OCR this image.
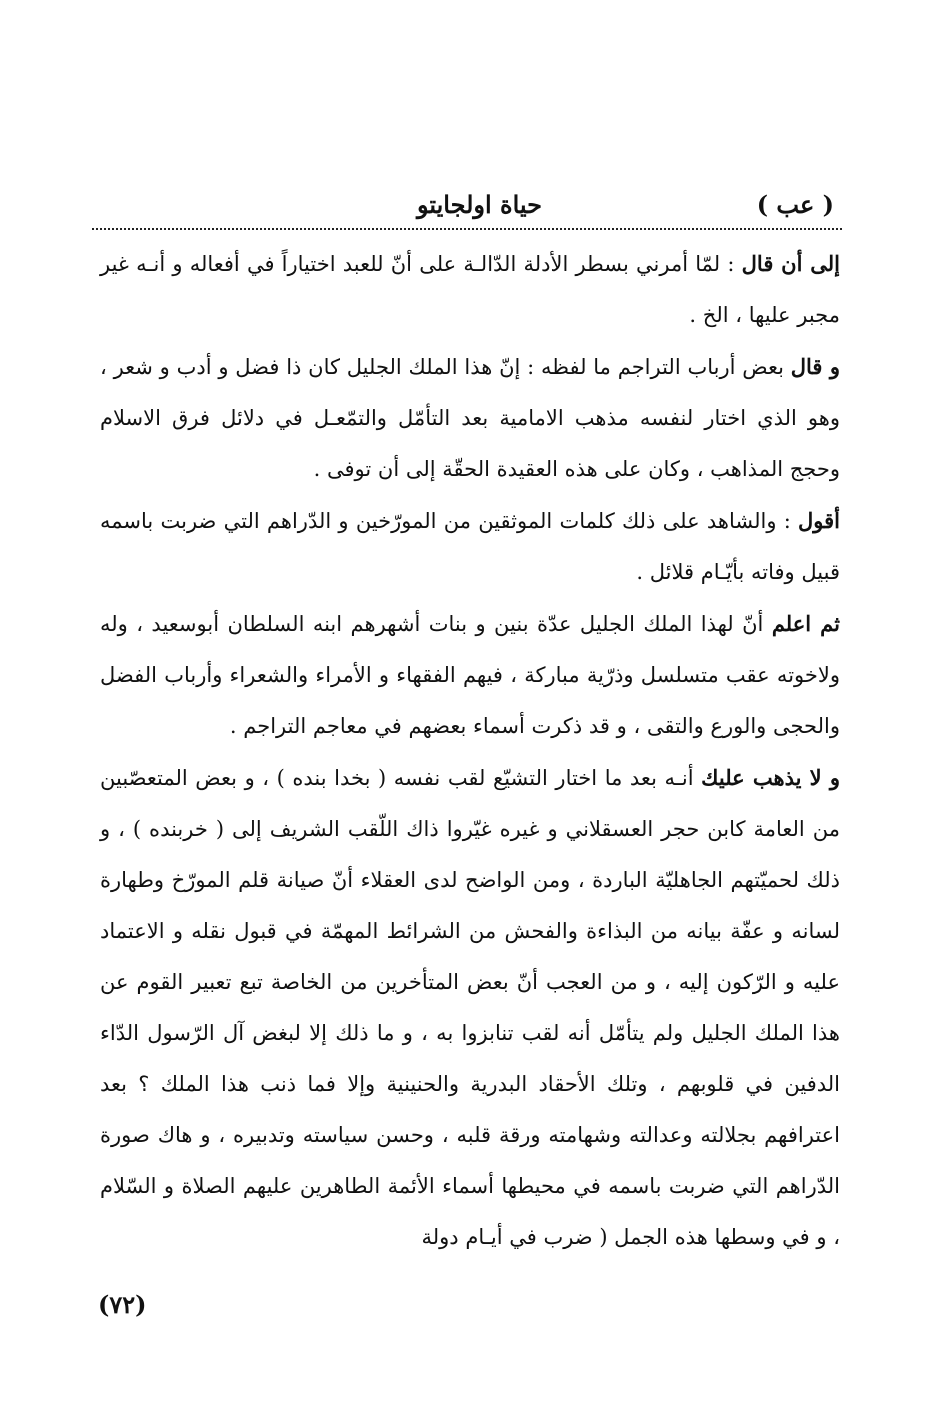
( عب )
حياة اولجايتو

إلى أن قال : لمّا أمرني بسطر الأدلة الدّالـة على أنّ للعبد اختياراً في أفعاله و أنـه غير مجبر عليها ، الخ .

و قال بعض أرباب التراجم ما لفظه : إنّ هذا الملك الجليل كان ذا فضل و أدب و شعر ، وهو الذي اختار لنفسه مذهب الامامية بعد التأمّل والتمّعـل في دلائل فرق الاسلام وحجج المذاهب ، وكان على هذه العقيدة الحقّة إلى أن توفى .

أقول : والشاهد على ذلك كلمات الموثقين من المورّخين و الدّراهم التي ضربت باسمه قبيل وفاته بأيّـام قلائل .

ثم اعلم أنّ لهذا الملك الجليل عدّة بنين و بنات أشهرهم ابنه السلطان أبوسعيد ، وله ولاخوته عقب متسلسل وذرّية مباركة ، فيهم الفقهاء و الأمراء والشعراء وأرباب الفضل والحجى والورع والتقى ، و قد ذكرت أسماء بعضهم في معاجم التراجم .

و لا يذهب عليك أنـه بعد ما اختار التشيّع لقب نفسه ( بخدا بنده ) ، و بعض المتعصّبين من العامة كابن حجر العسقلاني و غيره غيّروا ذاك اللّقب الشريف إلى ( خربنده ) ، و ذلك لحميّتهم الجاهليّة الباردة ، ومن الواضح لدى العقلاء أنّ صيانة قلم المورّخ وطهارة لسانه و عفّة بيانه من البذاءة والفحش من الشرائط المهمّة في قبول نقله و الاعتماد عليه و الرّكون إليه ، و من العجب أنّ بعض المتأخرين من الخاصة تبع تعبير القوم عن هذا الملك الجليل ولم يتأمّل أنه لقب تنابزوا به ، و ما ذلك إلا لبغض آل الرّسول الدّاء الدفين في قلوبهم ، وتلك الأحقاد البدرية والحنينية وإلا فما ذنب هذا الملك ؟ بعد اعترافهم بجلالته وعدالته وشهامته ورقة قلبه ، وحسن سياسته وتدبيره ، و هاك صورة الدّراهم التي ضربت باسمه في محيطها أسماء الأئمة الطاهرين عليهم الصلاة و السّلام ، و في وسطها هذه الجمل ( ضرب في أيـام دولة

(٧٢)
